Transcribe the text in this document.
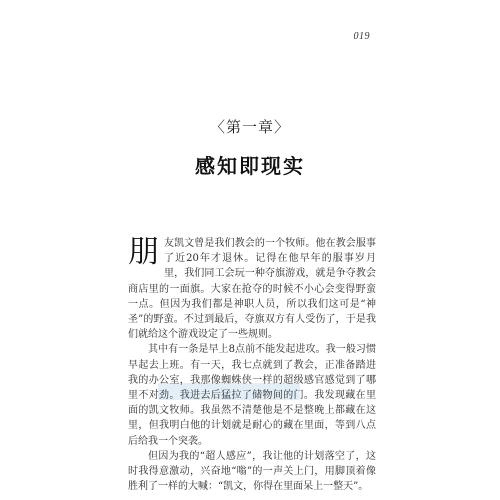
019
〈第一章〉
感知即现实

朋友凯文曾是我们教会的一个牧师。他在教会服事了近20年才退休。记得在他早年的服事岁月里，我们同工会玩一种夺旗游戏，就是争夺教会商店里的一面旗。大家在抢夺的时候不小心会变得野蛮一点。但因为我们都是神职人员，所以我们这可是“神圣”的野蛮。不过到最后，夺旗双方有人受伤了，于是我们就给这个游戏设定了一些规则。

其中有一条是早上8点前不能发起进攻。我一般习惯早起去上班。有一天，我七点就到了教会，正准备踏进我的办公室，我那像蜘蛛侠一样的超级感官感觉到了哪里不对劲。我进去后猛拉了储物间的门。我发现藏在里面的凯文牧师。我虽然不清楚他是不是整晚上都藏在这里，但我明白他的计划就是耐心的藏在里面，等到八点后给我一个突袭。

但因为我的“超人感应”，我让他的计划落空了，这时我得意激动，兴奋地“嗡”的一声关上门，用脚顶着像胜利了一样的大喊：“凯文，你得在里面呆上一整天”。
